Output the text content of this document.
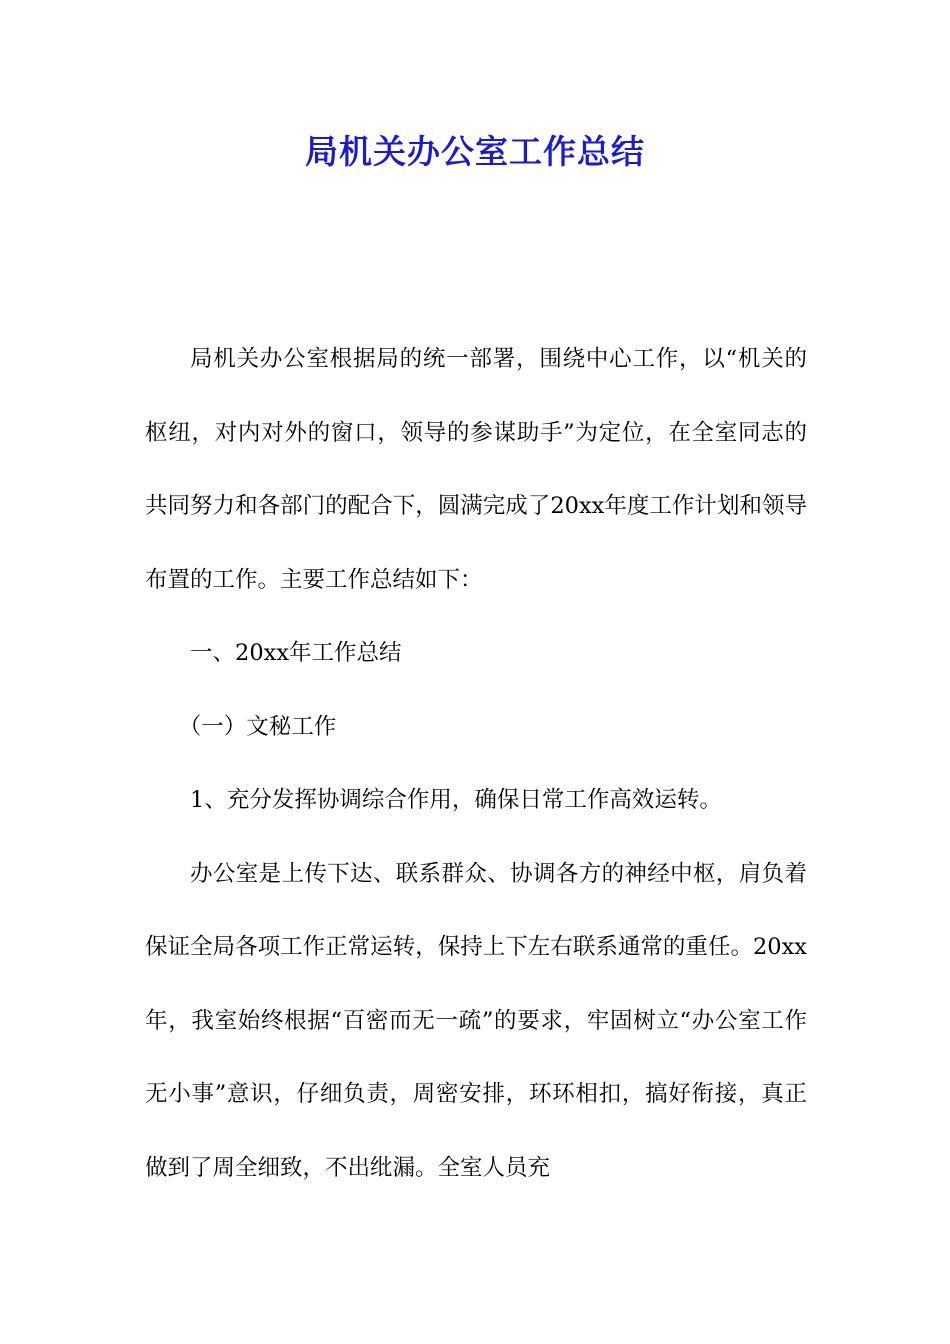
局机关办公室工作总结

局机关办公室根据局的统一部署，围绕中心工作，以“机关的枢纽，对内对外的窗口，领导的参谋助手”为定位，在全室同志的共同努力和各部门的配合下，圆满完成了20xx年度工作计划和领导布置的工作。主要工作总结如下：

一、20xx年工作总结

（一）文秘工作

1、充分发挥协调综合作用，确保日常工作高效运转。

办公室是上传下达、联系群众、协调各方的神经中枢，肩负着保证全局各项工作正常运转，保持上下左右联系通常的重任。20xx年，我室始终根据“百密而无一疏”的要求，牢固树立“办公室工作无小事”意识，仔细负责，周密安排，环环相扣，搞好衔接，真正做到了周全细致，不出纰漏。全室人员充
